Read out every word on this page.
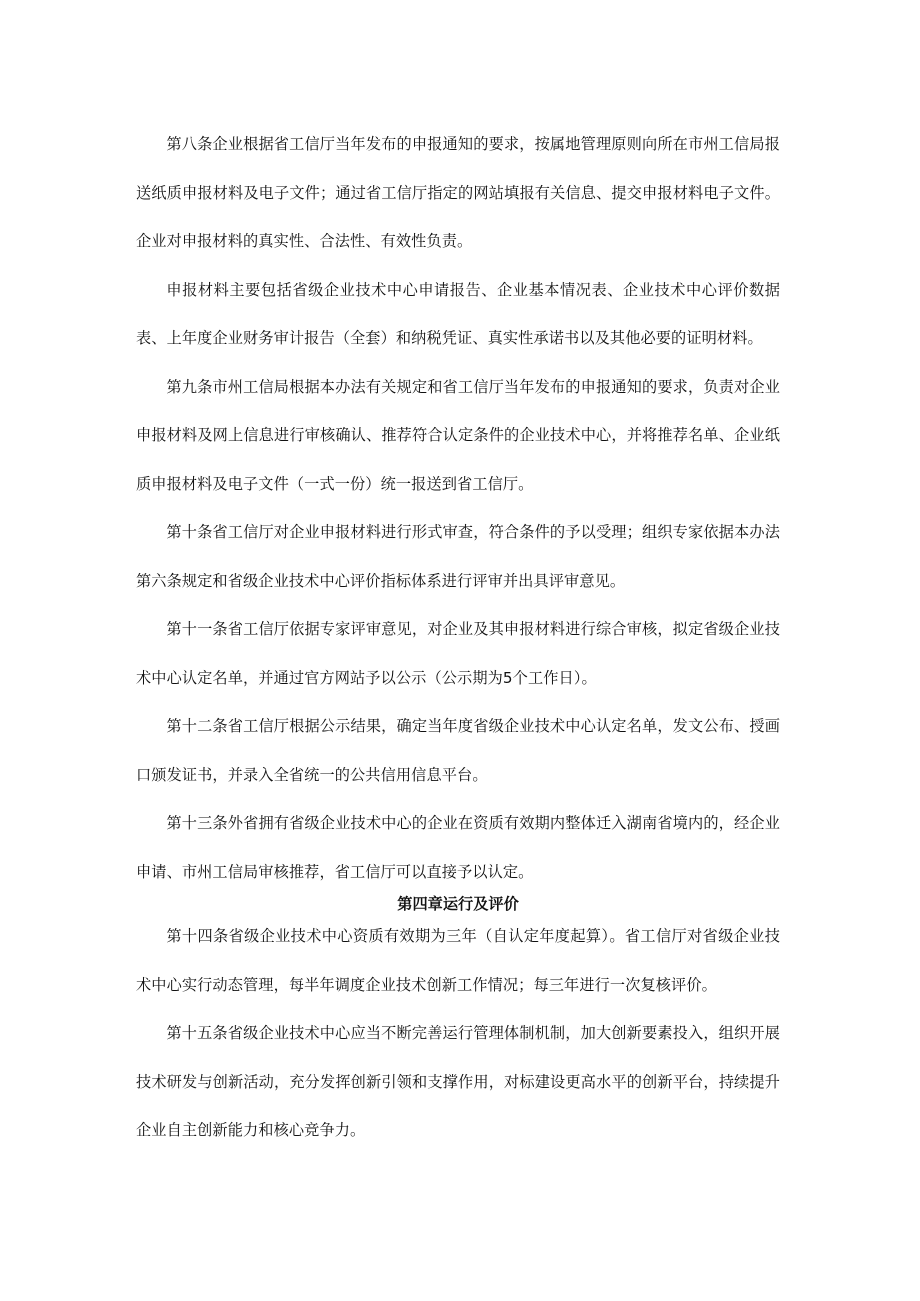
第八条企业根据省工信厅当年发布的申报通知的要求，按属地管理原则向所在市州工信局报送纸质申报材料及电子文件；通过省工信厅指定的网站填报有关信息、提交申报材料电子文件。企业对申报材料的真实性、合法性、有效性负责。

申报材料主要包括省级企业技术中心申请报告、企业基本情况表、企业技术中心评价数据表、上年度企业财务审计报告（全套）和纳税凭证、真实性承诺书以及其他必要的证明材料。

第九条市州工信局根据本办法有关规定和省工信厅当年发布的申报通知的要求，负责对企业申报材料及网上信息进行审核确认、推荐符合认定条件的企业技术中心，并将推荐名单、企业纸质申报材料及电子文件（一式一份）统一报送到省工信厅。

第十条省工信厅对企业申报材料进行形式审查，符合条件的予以受理；组织专家依据本办法第六条规定和省级企业技术中心评价指标体系进行评审并出具评审意见。

第十一条省工信厅依据专家评审意见，对企业及其申报材料进行综合审核，拟定省级企业技术中心认定名单，并通过官方网站予以公示（公示期为5个工作日）。

第十二条省工信厅根据公示结果，确定当年度省级企业技术中心认定名单，发文公布、授画口颁发证书，并录入全省统一的公共信用信息平台。

第十三条外省拥有省级企业技术中心的企业在资质有效期内整体迁入湖南省境内的，经企业申请、市州工信局审核推荐，省工信厅可以直接予以认定。

第四章运行及评价

第十四条省级企业技术中心资质有效期为三年（自认定年度起算）。省工信厅对省级企业技术中心实行动态管理，每半年调度企业技术创新工作情况；每三年进行一次复核评价。

第十五条省级企业技术中心应当不断完善运行管理体制机制，加大创新要素投入，组织开展技术研发与创新活动，充分发挥创新引领和支撑作用，对标建设更高水平的创新平台，持续提升企业自主创新能力和核心竞争力。
